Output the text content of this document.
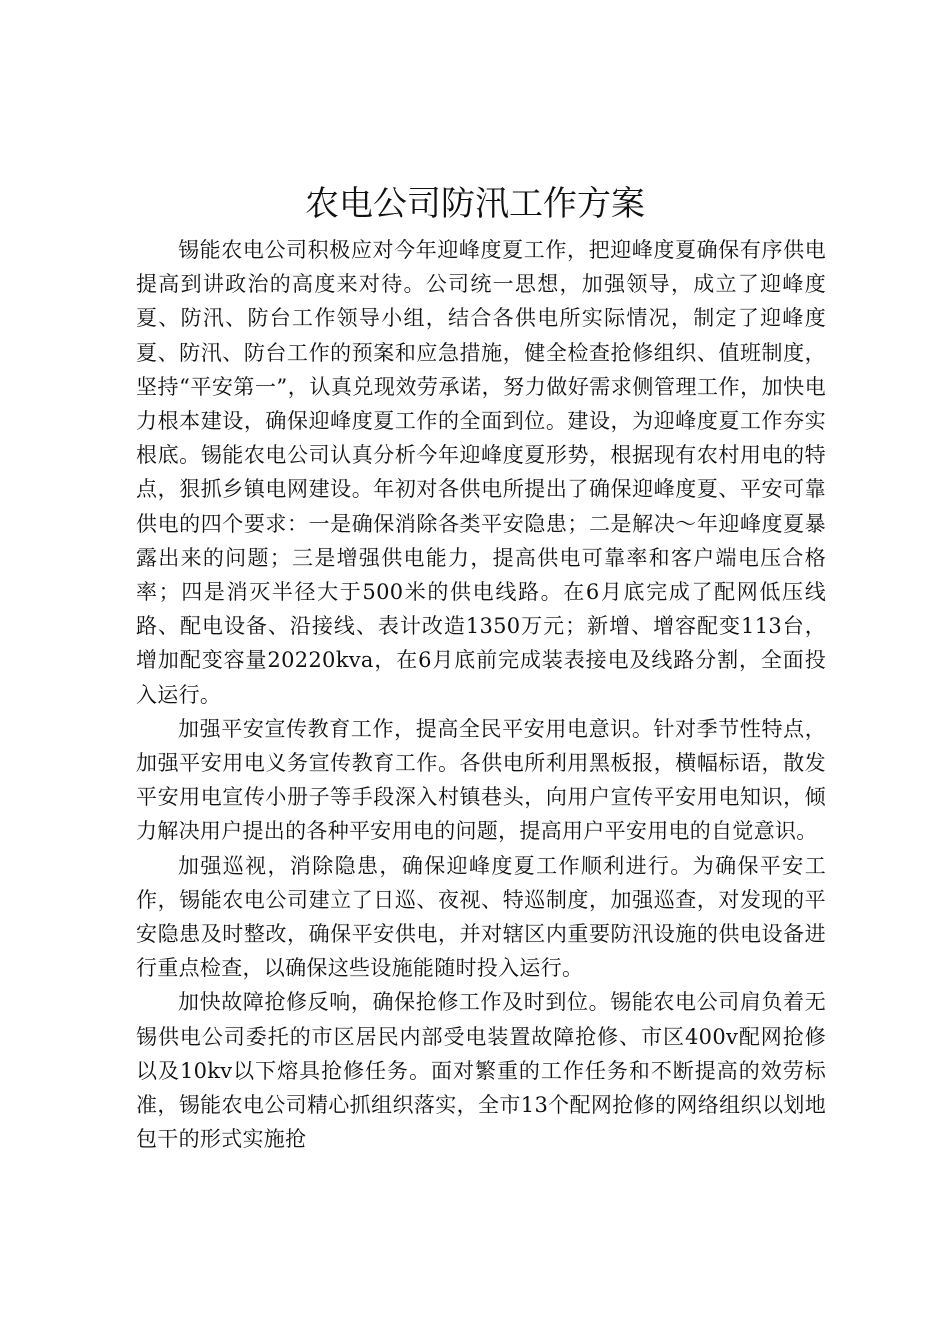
农电公司防汛工作方案

锡能农电公司积极应对今年迎峰度夏工作，把迎峰度夏确保有序供电提高到讲政治的高度来对待。公司统一思想，加强领导，成立了迎峰度夏、防汛、防台工作领导小组，结合各供电所实际情况，制定了迎峰度夏、防汛、防台工作的预案和应急措施，健全检查抢修组织、值班制度，坚持“平安第一”，认真兑现效劳承诺，努力做好需求侧管理工作，加快电力根本建设，确保迎峰度夏工作的全面到位。建设，为迎峰度夏工作夯实根底。锡能农电公司认真分析今年迎峰度夏形势，根据现有农村用电的特点，狠抓乡镇电网建设。年初对各供电所提出了确保迎峰度夏、平安可靠供电的四个要求：一是确保消除各类平安隐患；二是解决～年迎峰度夏暴露出来的问题；三是增强供电能力，提高供电可靠率和客户端电压合格率；四是消灭半径大于500米的供电线路。在6月底完成了配网低压线路、配电设备、沿接线、表计改造1350万元；新增、增容配变113台，增加配变容量20220kva，在6月底前完成装表接电及线路分割，全面投入运行。

加强平安宣传教育工作，提高全民平安用电意识。针对季节性特点，加强平安用电义务宣传教育工作。各供电所利用黑板报，横幅标语，散发平安用电宣传小册子等手段深入村镇巷头，向用户宣传平安用电知识，倾力解决用户提出的各种平安用电的问题，提高用户平安用电的自觉意识。

加强巡视，消除隐患，确保迎峰度夏工作顺利进行。为确保平安工作，锡能农电公司建立了日巡、夜视、特巡制度，加强巡查，对发现的平安隐患及时整改，确保平安供电，并对辖区内重要防汛设施的供电设备进行重点检查，以确保这些设施能随时投入运行。

加快故障抢修反响，确保抢修工作及时到位。锡能农电公司肩负着无锡供电公司委托的市区居民内部受电装置故障抢修、市区400v配网抢修以及10kv以下熔具抢修任务。面对繁重的工作任务和不断提高的效劳标准，锡能农电公司精心抓组织落实，全市13个配网抢修的网络组织以划地包干的形式实施抢
